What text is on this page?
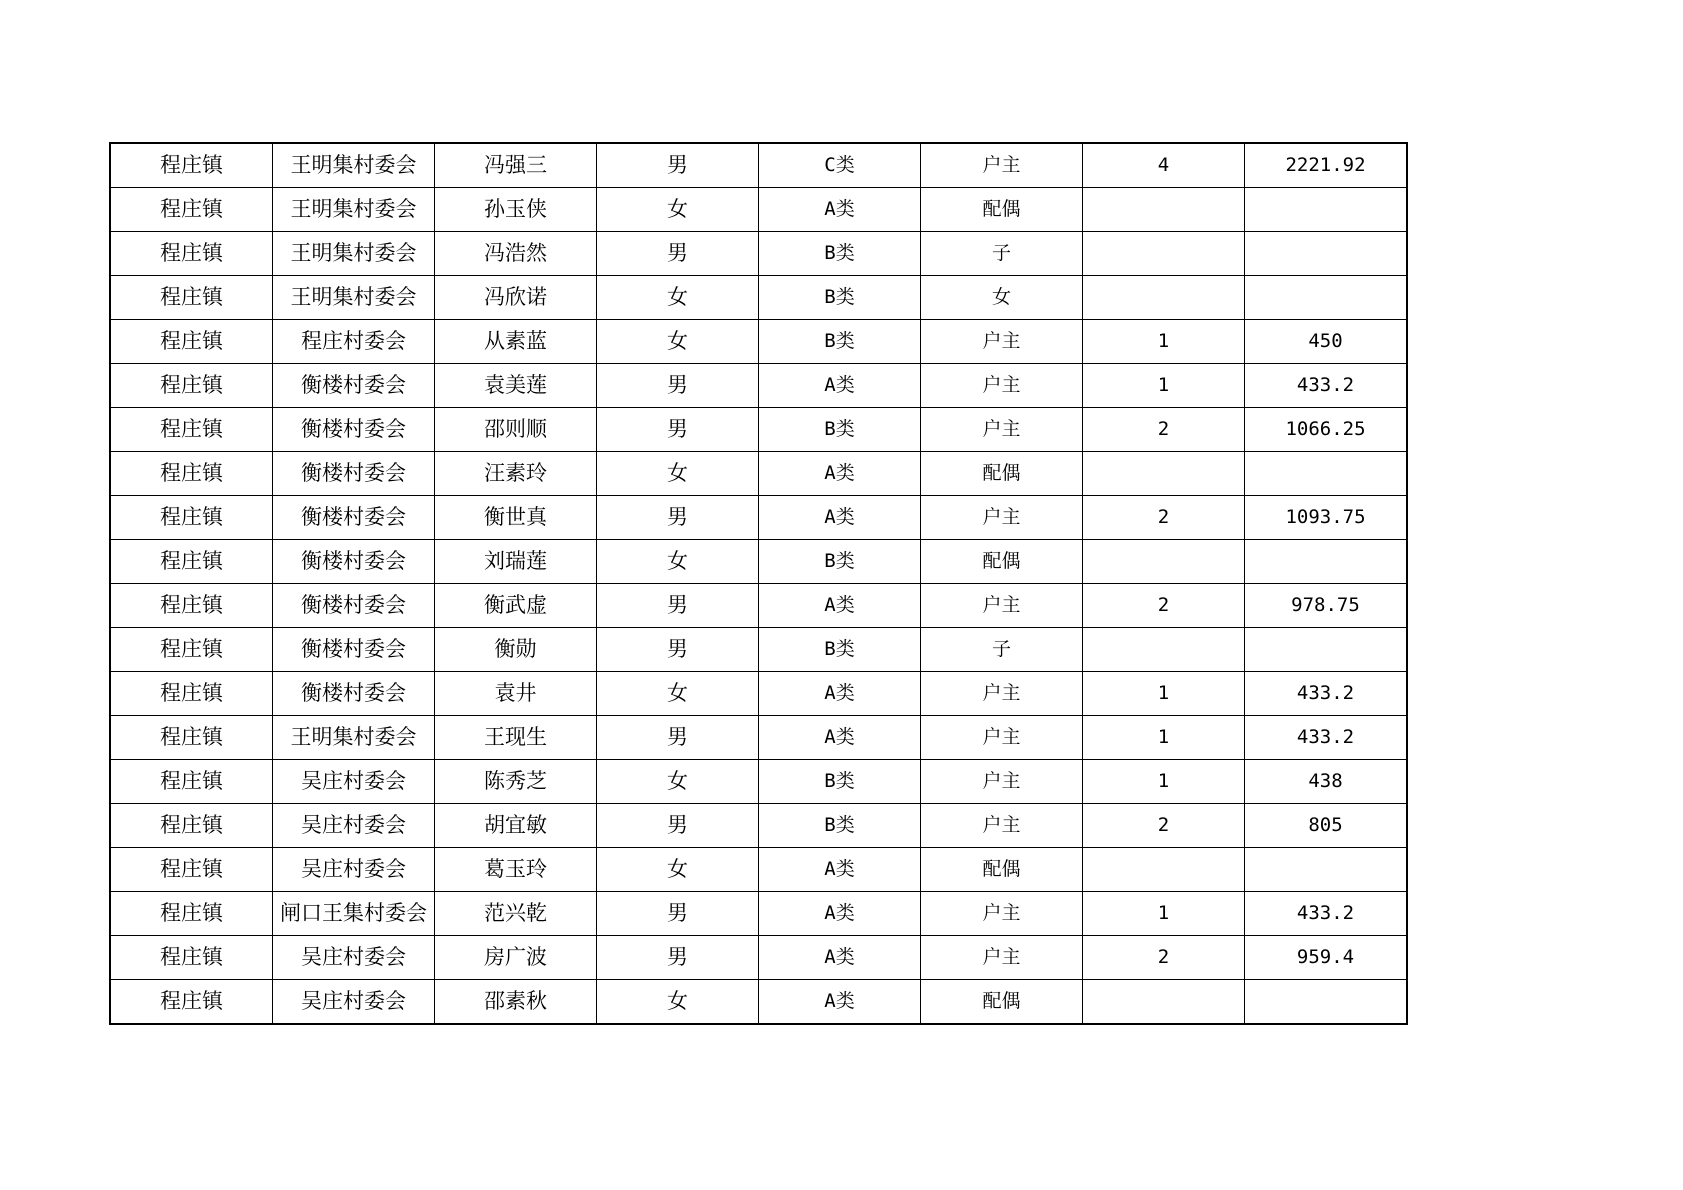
程庄镇	王明集村委会	冯强三	男	C类	户主	4	2221.92
程庄镇	王明集村委会	孙玉侠	女	A类	配偶		
程庄镇	王明集村委会	冯浩然	男	B类	子		
程庄镇	王明集村委会	冯欣诺	女	B类	女		
程庄镇	程庄村委会	从素蓝	女	B类	户主	1	450
程庄镇	衡楼村委会	袁美莲	男	A类	户主	1	433.2
程庄镇	衡楼村委会	邵则顺	男	B类	户主	2	1066.25
程庄镇	衡楼村委会	汪素玲	女	A类	配偶		
程庄镇	衡楼村委会	衡世真	男	A类	户主	2	1093.75
程庄镇	衡楼村委会	刘瑞莲	女	B类	配偶		
程庄镇	衡楼村委会	衡武虚	男	A类	户主	2	978.75
程庄镇	衡楼村委会	衡勋	男	B类	子		
程庄镇	衡楼村委会	袁井	女	A类	户主	1	433.2
程庄镇	王明集村委会	王现生	男	A类	户主	1	433.2
程庄镇	吴庄村委会	陈秀芝	女	B类	户主	1	438
程庄镇	吴庄村委会	胡宜敏	男	B类	户主	2	805
程庄镇	吴庄村委会	葛玉玲	女	A类	配偶		
程庄镇	闸口王集村委会	范兴乾	男	A类	户主	1	433.2
程庄镇	吴庄村委会	房广波	男	A类	户主	2	959.4
程庄镇	吴庄村委会	邵素秋	女	A类	配偶		
